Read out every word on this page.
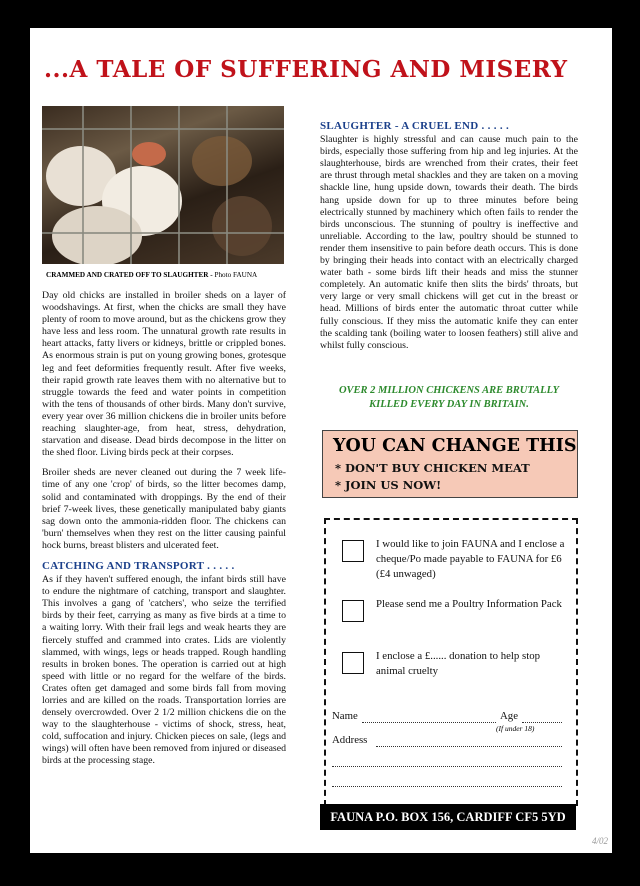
...A TALE OF SUFFERING AND MISERY
CRAMMED AND CRATED OFF TO SLAUGHTER - Photo FAUNA

Day old chicks are installed in broiler sheds on a layer of woodshavings. At first, when the chicks are small they have plenty of room to move around, but as the chickens grow they have less and less room. The unnatural growth rate results in heart attacks, fatty livers or kidneys, brittle or crippled bones. As enormous strain is put on young growing bones, grotesque leg and feet deformities frequently result. After five weeks, their rapid growth rate leaves them with no alternative but to struggle towards the feed and water points in competition with the tens of thousands of other birds. Many don't survive, every year over 36 million chickens die in broiler units before reaching slaughter-age, from heat, stress, dehydration, starvation and disease. Dead birds decompose in the litter on the shed floor. Living birds peck at their corpses.

Broiler sheds are never cleaned out during the 7 week life-time of any one 'crop' of birds, so the litter becomes damp, solid and contaminated with droppings. By the end of their brief 7-week lives, these genetically manipulated baby giants sag down onto the ammonia-ridden floor. The chickens can 'burn' themselves when they rest on the litter causing painful hock burns, breast blisters and ulcerated feet.

CATCHING AND TRANSPORT . . . . .

As if they haven't suffered enough, the infant birds still have to endure the nightmare of catching, transport and slaughter. This involves a gang of 'catchers', who seize the terrified birds by their feet, carrying as many as five birds at a time to a waiting lorry. With their frail legs and weak hearts they are fiercely stuffed and crammed into crates. Lids are violently slammed, with wings, legs or heads trapped. Rough handling results in broken bones. The operation is carried out at high speed with little or no regard for the welfare of the birds. Crates often get damaged and some birds fall from moving lorries and are killed on the roads. Transportation lorries are densely overcrowded. Over 2 1/2 million chickens die on the way to the slaughterhouse - victims of shock, stress, heat, cold, suffocation and injury. Chicken pieces on sale, (legs and wings) will often have been removed from injured or diseased birds at the processing stage.

SLAUGHTER - A CRUEL END . . . . .

Slaughter is highly stressful and can cause much pain to the birds, especially those suffering from hip and leg injuries. At the slaughterhouse, birds are wrenched from their crates, their feet are thrust through metal shackles and they are taken on a moving shackle line, hung upside down, towards their death. The birds hang upside down for up to three minutes before being electrically stunned by machinery which often fails to render the birds unconscious. The stunning of poultry is ineffective and unreliable. According to the law, poultry should be stunned to render them insensitive to pain before death occurs. This is done by bringing their heads into contact with an electrically charged water bath - some birds lift their heads and miss the stunner completely. An automatic knife then slits the birds' throats, but very large or very small chickens will get cut in the breast or head. Millions of birds enter the automatic throat cutter while fully conscious. If they miss the automatic knife they can enter the scalding tank (boiling water to loosen feathers) still alive and whilst fully conscious.

OVER 2 MILLION CHICKENS ARE BRUTALLY
KILLED EVERY DAY IN BRITAIN.
YOU CAN CHANGE THIS
* DON'T BUY CHICKEN MEAT
* JOIN US NOW!
I would like to join FAUNA and I enclose a cheque/Po made payable to FAUNA for £6 (£4 unwaged)
Please send me a Poultry Information Pack
I enclose a £...... donation to help stop animal cruelty
Name	Age
(If under 18)
Address
FAUNA P.O. BOX 156, CARDIFF CF5 5YD
4/02
